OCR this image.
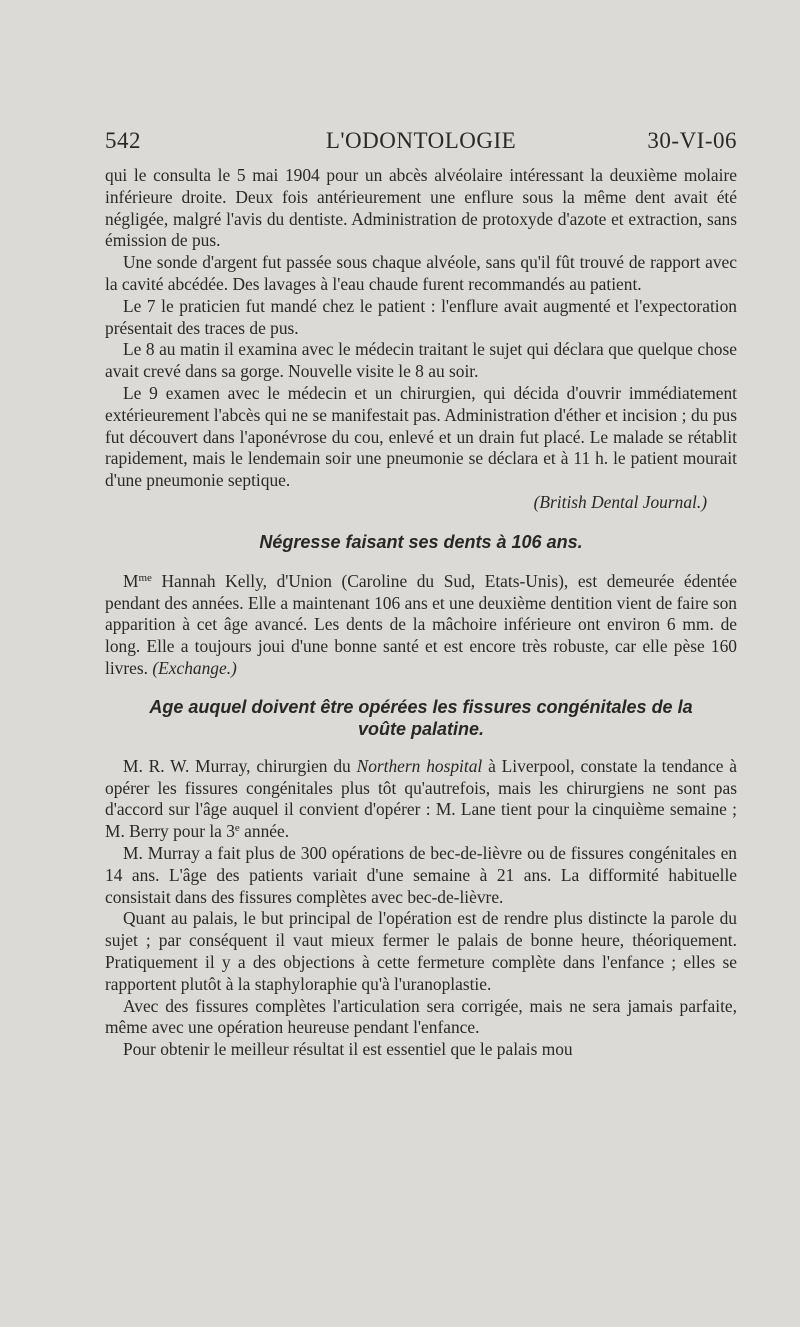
542	L'ODONTOLOGIE	30-VI-06

qui le consulta le 5 mai 1904 pour un abcès alvéolaire intéressant la deuxième molaire inférieure droite. Deux fois antérieurement une enflure sous la même dent avait été négligée, malgré l'avis du dentiste. Administration de protoxyde d'azote et extraction, sans émission de pus.

Une sonde d'argent fut passée sous chaque alvéole, sans qu'il fût trouvé de rapport avec la cavité abcédée. Des lavages à l'eau chaude furent recommandés au patient.

Le 7 le praticien fut mandé chez le patient : l'enflure avait augmenté et l'expectoration présentait des traces de pus.

Le 8 au matin il examina avec le médecin traitant le sujet qui déclara que quelque chose avait crevé dans sa gorge. Nouvelle visite le 8 au soir.

Le 9 examen avec le médecin et un chirurgien, qui décida d'ouvrir immédiatement extérieurement l'abcès qui ne se manifestait pas. Administration d'éther et incision ; du pus fut découvert dans l'aponévrose du cou, enlevé et un drain fut placé. Le malade se rétablit rapidement, mais le lendemain soir une pneumonie se déclara et à 11 h. le patient mourait d'une pneumonie septique.

(British Dental Journal.)

Négresse faisant ses dents à 106 ans.

$M^{me}$ Hannah Kelly, d'Union (Caroline du Sud, Etats-Unis), est demeurée édentée pendant des années. Elle a maintenant 106 ans et une deuxième dentition vient de faire son apparition à cet âge avancé. Les dents de la mâchoire inférieure ont environ 6 mm. de long. Elle a toujours joui d'une bonne santé et est encore très robuste, car elle pèse 160 livres. (Exchange.)

Age auquel doivent être opérées les fissures congénitales de la
voûte palatine.

M. R. W. Murray, chirurgien du Northern hospital à Liverpool, constate la tendance à opérer les fissures congénitales plus tôt qu'autrefois, mais les chirurgiens ne sont pas d'accord sur l'âge auquel il convient d'opérer : M. Lane tient pour la cinquième semaine ; M. Berry pour la 3e année.

M. Murray a fait plus de 300 opérations de bec-de-lièvre ou de fissures congénitales en 14 ans. L'âge des patients variait d'une semaine à 21 ans. La difformité habituelle consistait dans des fissures complètes avec bec-de-lièvre.

Quant au palais, le but principal de l'opération est de rendre plus distincte la parole du sujet ; par conséquent il vaut mieux fermer le palais de bonne heure, théoriquement. Pratiquement il y a des objections à cette fermeture complète dans l'enfance ; elles se rapportent plutôt à la staphyloraphie qu'à l'uranoplastie.

Avec des fissures complètes l'articulation sera corrigée, mais ne sera jamais parfaite, même avec une opération heureuse pendant l'enfance.

Pour obtenir le meilleur résultat il est essentiel que le palais mou
